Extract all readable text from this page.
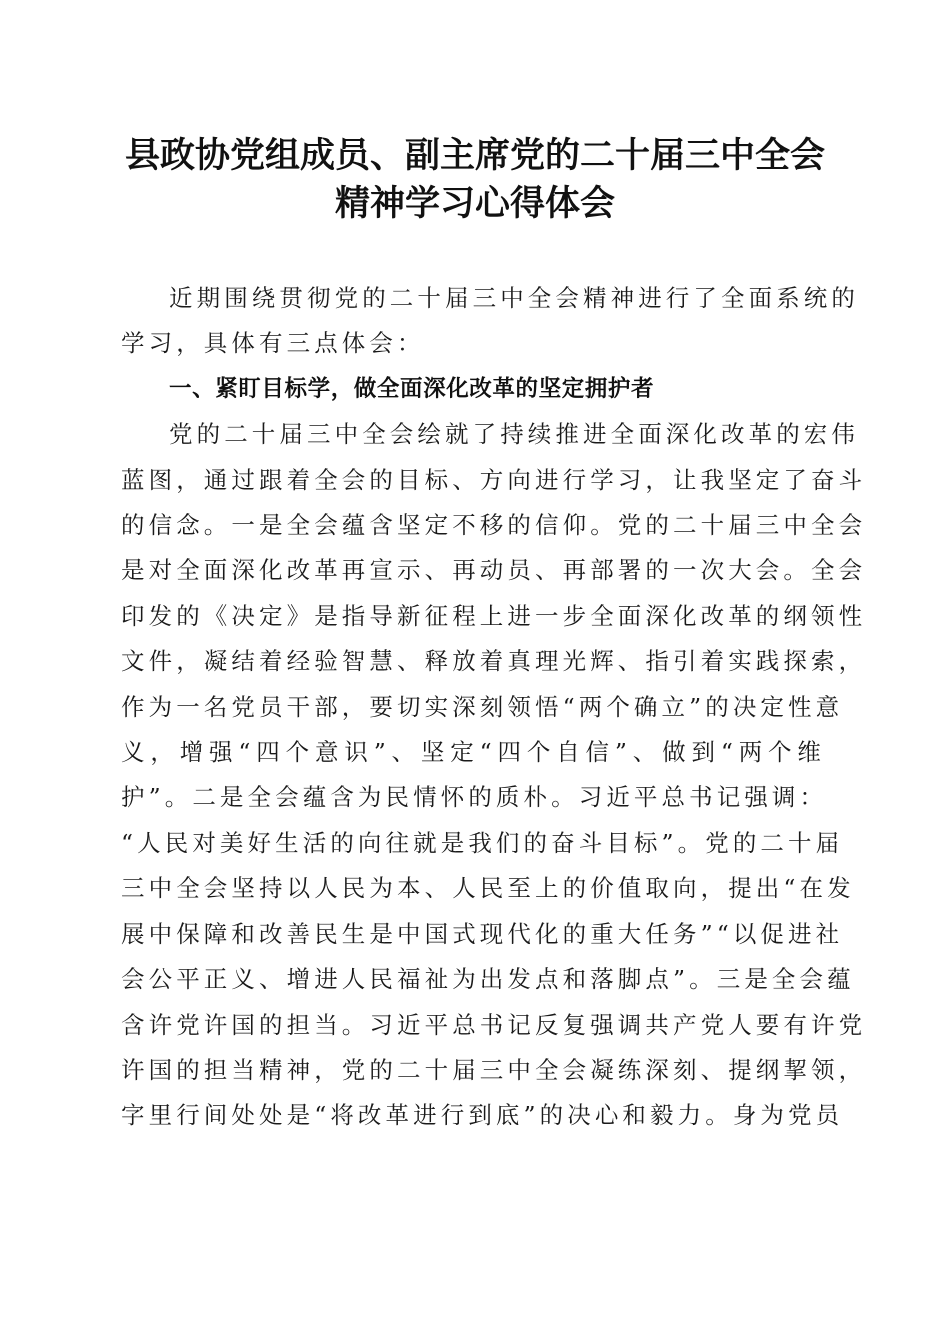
县政协党组成员、副主席党的二十届三中全会
精神学习心得体会
近期围绕贯彻党的二十届三中全会精神进行了全面系统的
学习，具体有三点体会：
一、紧盯目标学，做全面深化改革的坚定拥护者
党的二十届三中全会绘就了持续推进全面深化改革的宏伟
蓝图，通过跟着全会的目标、方向进行学习，让我坚定了奋斗
的信念。一是全会蕴含坚定不移的信仰。党的二十届三中全会
是对全面深化改革再宣示、再动员、再部署的一次大会。全会
印发的《决定》是指导新征程上进一步全面深化改革的纲领性
文件，凝结着经验智慧、释放着真理光辉、指引着实践探索，
作为一名党员干部，要切实深刻领悟“两个确立”的决定性意
义，增强“四个意识”、坚定“四个自信”、做到“两个维
护”。二是全会蕴含为民情怀的质朴。习近平总书记强调：
“人民对美好生活的向往就是我们的奋斗目标”。党的二十届
三中全会坚持以人民为本、人民至上的价值取向，提出“在发
展中保障和改善民生是中国式现代化的重大任务”“以促进社
会公平正义、增进人民福祉为出发点和落脚点”。三是全会蕴
含许党许国的担当。习近平总书记反复强调共产党人要有许党
许国的担当精神，党的二十届三中全会凝练深刻、提纲挈领，
字里行间处处是“将改革进行到底”的决心和毅力。身为党员
